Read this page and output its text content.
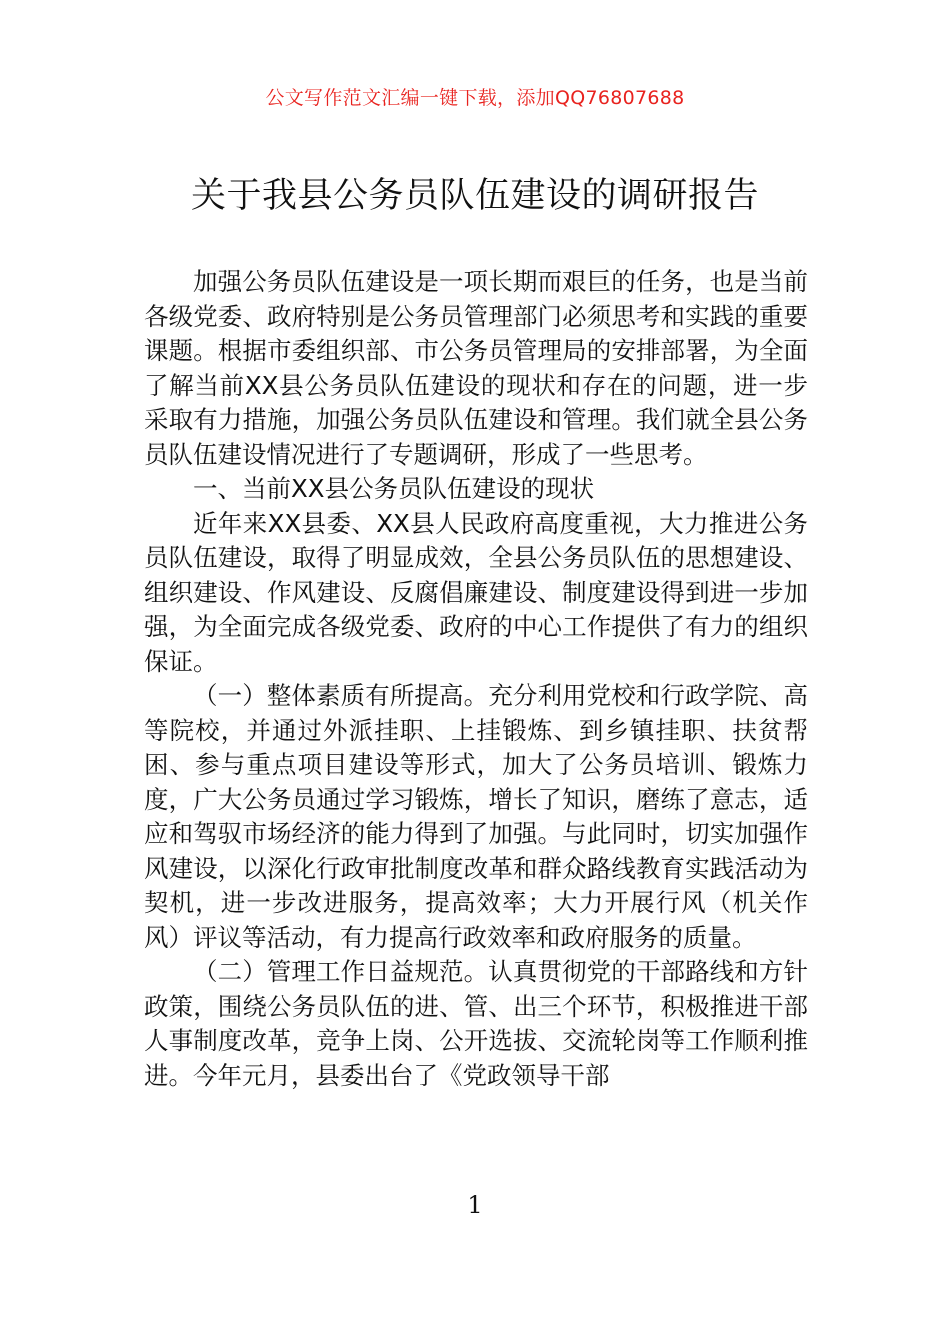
公文写作范文汇编一键下载，添加QQ76807688
关于我县公务员队伍建设的调研报告

加强公务员队伍建设是一项长期而艰巨的任务，也是当前各级党委、政府特别是公务员管理部门必须思考和实践的重要课题。根据市委组织部、市公务员管理局的安排部署，为全面了解当前XX县公务员队伍建设的现状和存在的问题，进一步采取有力措施，加强公务员队伍建设和管理。我们就全县公务员队伍建设情况进行了专题调研，形成了一些思考。

一、当前XX县公务员队伍建设的现状

近年来XX县委、XX县人民政府高度重视，大力推进公务员队伍建设，取得了明显成效，全县公务员队伍的思想建设、组织建设、作风建设、反腐倡廉建设、制度建设得到进一步加强，为全面完成各级党委、政府的中心工作提供了有力的组织保证。

（一）整体素质有所提高。充分利用党校和行政学院、高等院校，并通过外派挂职、上挂锻炼、到乡镇挂职、扶贫帮困、参与重点项目建设等形式，加大了公务员培训、锻炼力度，广大公务员通过学习锻炼，增长了知识，磨练了意志，适应和驾驭市场经济的能力得到了加强。与此同时，切实加强作风建设，以深化行政审批制度改革和群众路线教育实践活动为契机，进一步改进服务，提高效率；大力开展行风（机关作风）评议等活动，有力提高行政效率和政府服务的质量。

（二）管理工作日益规范。认真贯彻党的干部路线和方针政策，围绕公务员队伍的进、管、出三个环节，积极推进干部人事制度改革，竞争上岗、公开选拔、交流轮岗等工作顺利推进。今年元月，县委出台了《党政领导干部

1
